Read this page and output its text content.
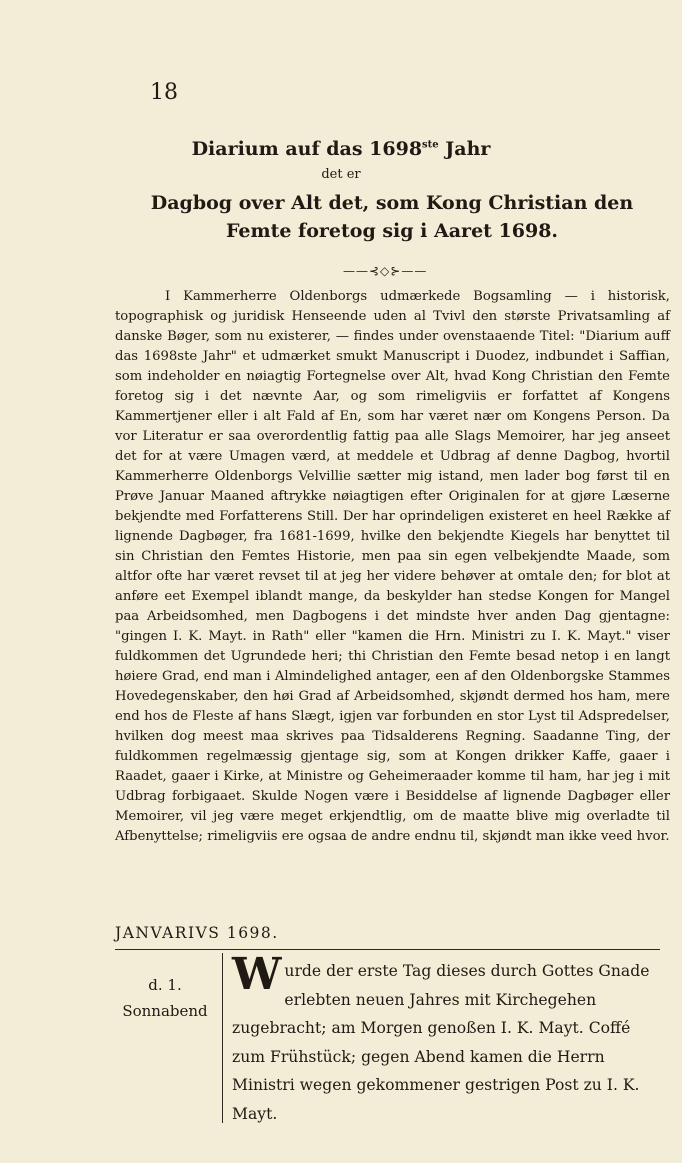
18
Diarium auf das 1698ste Jahr
det er
Dagbog over Alt det, som Kong Christian den
Femte foretog sig i Aaret 1698.
——⊰◇⊱——

I Kammerherre Oldenborgs udmærkede Bogsamling — i historisk, topographisk og juridisk Henseende uden al Tvivl den største Privatsamling af danske Bøger, som nu existerer, — findes under ovenstaaende Titel: "Diarium auff das 1698ste Jahr" et udmærket smukt Manuscript i Duodez, indbundet i Saffian, som indeholder en nøiagtig Fortegnelse over Alt, hvad Kong Christian den Femte foretog sig i det nævnte Aar, og som rimeligviis er forfattet af Kongens Kammertjener eller i alt Fald af En, som har været nær om Kongens Person. Da vor Literatur er saa overordentlig fattig paa alle Slags Memoirer, har jeg anseet det for at være Umagen værd, at meddele et Udbrag af denne Dagbog, hvortil Kammerherre Oldenborgs Velvillie sætter mig istand, men lader bog først til en Prøve Januar Maaned aftrykke nøiagtigen efter Originalen for at gjøre Læserne bekjendte med Forfatterens Still. Der har oprindeligen existeret en heel Række af lignende Dagbøger, fra 1681-1699, hvilke den bekjendte Kiegels har benyttet til sin Christian den Femtes Historie, men paa sin egen velbekjendte Maade, som altfor ofte har været revset til at jeg her videre behøver at omtale den; for blot at anføre eet Exempel iblandt mange, da beskylder han stedse Kongen for Mangel paa Arbeidsomhed, men Dagbogens i det mindste hver anden Dag gjentagne: "gingen I. K. Mayt. in Rath" eller "kamen die Hrn. Ministri zu I. K. Mayt." viser fuldkommen det Ugrundede heri; thi Christian den Femte besad netop i en langt høiere Grad, end man i Almindelighed antager, een af den Oldenborgske Stammes Hovedegenskaber, den høi Grad af Arbeidsomhed, skjøndt dermed hos ham, mere end hos de Fleste af hans Slægt, igjen var forbunden en stor Lyst til Adspredelser, hvilken dog meest maa skrives paa Tidsalderens Regning. Saadanne Ting, der fuldkommen regelmæssig gjentage sig, som at Kongen drikker Kaffe, gaaer i Raadet, gaaer i Kirke, at Ministre og Geheimeraader komme til ham, har jeg i mit Udbrag forbigaaet. Skulde Nogen være i Besiddelse af lignende Dagbøger eller Memoirer, vil jeg være meget erkjendtlig, om de maatte blive mig overladte til Afbenyttelse; rimeligviis ere ogsaa de andre endnu til, skjøndt man ikke veed hvor.

JANVARIVS 1698.
d. 1.
Sonnabend
Wurde der erste Tag dieses durch Gottes Gnade erlebten neuen Jahres mit Kirchegehen zugebracht; am Morgen genoßen I. K. Mayt. Coffé zum Frühstück; gegen Abend kamen die Herrn Ministri wegen gekommener gestrigen Post zu I. K. Mayt.
